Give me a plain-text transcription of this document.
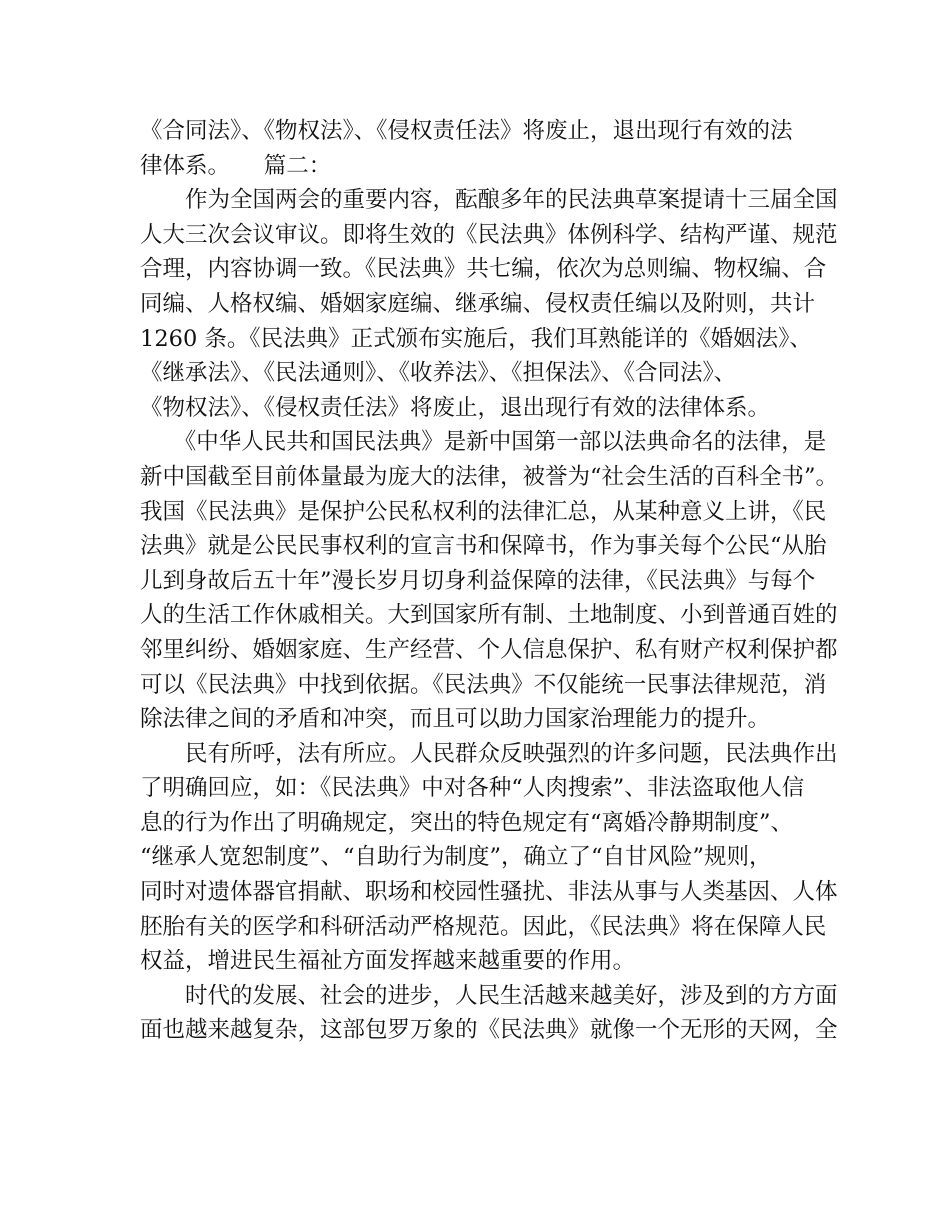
《合同法》、《物权法》、《侵权责任法》将废止，退出现行有效的法
律体系。　　篇二：
　　作为全国两会的重要内容，酝酿多年的民法典草案提请十三届全国
人大三次会议审议。即将生效的《民法典》体例科学、结构严谨、规范
合理，内容协调一致。《民法典》共七编，依次为总则编、物权编、合
同编、人格权编、婚姻家庭编、继承编、侵权责任编以及附则，共计
1260 条。《民法典》正式颁布实施后，我们耳熟能详的《婚姻法》、
《继承法》、《民法通则》、《收养法》、《担保法》、《合同法》、
《物权法》、《侵权责任法》将废止，退出现行有效的法律体系。
　　《中华人民共和国民法典》是新中国第一部以法典命名的法律，是
新中国截至目前体量最为庞大的法律，被誉为“社会生活的百科全书”。
我国《民法典》是保护公民私权利的法律汇总，从某种意义上讲，《民
法典》就是公民民事权利的宣言书和保障书，作为事关每个公民“从胎
儿到身故后五十年”漫长岁月切身利益保障的法律，《民法典》与每个
人的生活工作休戚相关。大到国家所有制、土地制度、小到普通百姓的
邻里纠纷、婚姻家庭、生产经营、个人信息保护、私有财产权利保护都
可以《民法典》中找到依据。《民法典》不仅能统一民事法律规范，消
除法律之间的矛盾和冲突，而且可以助力国家治理能力的提升。
　　民有所呼，法有所应。人民群众反映强烈的许多问题，民法典作出
了明确回应，如：《民法典》中对各种“人肉搜索”、非法盗取他人信
息的行为作出了明确规定，突出的特色规定有“离婚冷静期制度”、
“继承人宽恕制度”、“自助行为制度”，确立了“自甘风险”规则，
同时对遗体器官捐献、职场和校园性骚扰、非法从事与人类基因、人体
胚胎有关的医学和科研活动严格规范。因此，《民法典》将在保障人民
权益，增进民生福祉方面发挥越来越重要的作用。
　　时代的发展、社会的进步，人民生活越来越美好，涉及到的方方面
面也越来越复杂，这部包罗万象的《民法典》就像一个无形的天网，全
